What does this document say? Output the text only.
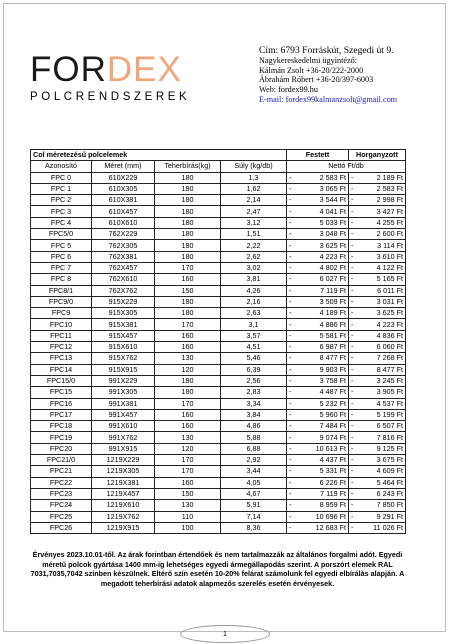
FORDEX
POLCRENDSZEREK
Cím: 6793 Forráskút, Szegedi út 9.
Nagykereskedelmi ügyintéző:
Kálmán Zsolt +36-20/222-2000
Ábrahám Róbert +36-20/397-6003
Web: fordex99.hu
E-mail: fordex99kalmanzsolt@gmail.com
Col méretezésű polcelemek				Festett		Horganyzott	
Azonosító	Méret (mm)	Teherbírás(kg)	Súly (kg/db)	Nettó Ft/db			
FPC 0	610X229	180	1,3	-	2 583 Ft	-	2 189 Ft
FPC 1	610X305	180	1,62	-	3 065 Ft	-	2 583 Ft
FPC 2	610X381	180	2,14	-	3 544 Ft	-	2 998 Ft
FPC 3	610X457	180	2,47	-	4 041 Ft	-	3 427 Ft
FPC 4	610X610	180	3,12	-	5 033 Ft	-	4 255 Ft
FPC5/0	762X229	180	1,51	-	3 048 Ft	-	2 600 Ft
FPC 5	762X305	180	2,22	-	3 625 Ft	-	3 114 Ft
FPC 6	762X381	180	2,62	-	4 223 Ft	-	3 610 Ft
FPC 7	762X457	170	3,02	-	4 802 Ft	-	4 122 Ft
FPC 8	762X610	160	3,81	-	6 027 Ft	-	5 165 Ft
FPC8/1	762X762	150	4,26	-	7 119 Ft	-	6 011 Ft
FPC9/0	915X229	180	2,16	-	3 509 Ft	-	3 031 Ft
FPC9	915X305	180	2,63	-	4 189 Ft	-	3 625 Ft
FPC10	915X381	170	3,1	-	4 886 Ft	-	4 223 Ft
FPC11	915X457	160	3,57	-	5 581 Ft	-	4 836 Ft
FPC12	915X610	160	4,51	-	6 987 Ft	-	6 060 Ft
FPC13	915X762	130	5,46	-	8 477 Ft	-	7 268 Ft
FPC14	915X915	120	6,39	-	9 903 Ft	-	8 477 Ft
FPC15/0	991X229	180	2,56	-	3 758 Ft	-	3 245 Ft
FPC15	991X305	180	2,83	-	4 487 Ft	-	3 905 Ft
FPC16	991X381	170	3,34	-	5 232 Ft	-	4 537 Ft
FPC17	991X457	160	3,84	-	5 960 Ft	-	5 199 Ft
FPC18	991X610	160	4,86	-	7 484 Ft	-	6 507 Ft
FPC19	991X762	130	5,88	-	9 074 Ft	-	7 816 Ft
FPC20	991X915	120	6,88	-	10 613 Ft	-	9 125 Ft
FPC21/0	1219X229	170	2,92	-	4 437 Ft	-	3 675 Ft
FPC21	1219X305	170	3,44	-	5 331 Ft	-	4 609 Ft
FPC22	1219X381	160	4,05	-	6 226 Ft	-	5 464 Ft
FPC23	1219X457	150	4,67	-	7 119 Ft	-	6 243 Ft
FPC24	1219X610	130	5,91	-	8 959 Ft	-	7 850 Ft
FPC25	1219X762	110	7,14	-	10 696 Ft	-	9 291 Ft
FPC26	1219X915	100	8,36	-	12 683 Ft	-	11 026 Ft
Érvényes 2023.10.01-től. Az árak forintban értendőek és nem tartalmazzák az általános forgalmi adót. Egyedi méretű polcok gyártása 1400 mm-ig lehetséges egyedi ármegállapodás szerint. A porszórt elemek RAL 7031,7035,7042 színben készülnek. Eltérő szín esetén 10-20% felárat számolunk fel egyedi elbírálás alapján. A megadott teherbírási adatok alapmezős szerelés esetén érvényesek.
1
